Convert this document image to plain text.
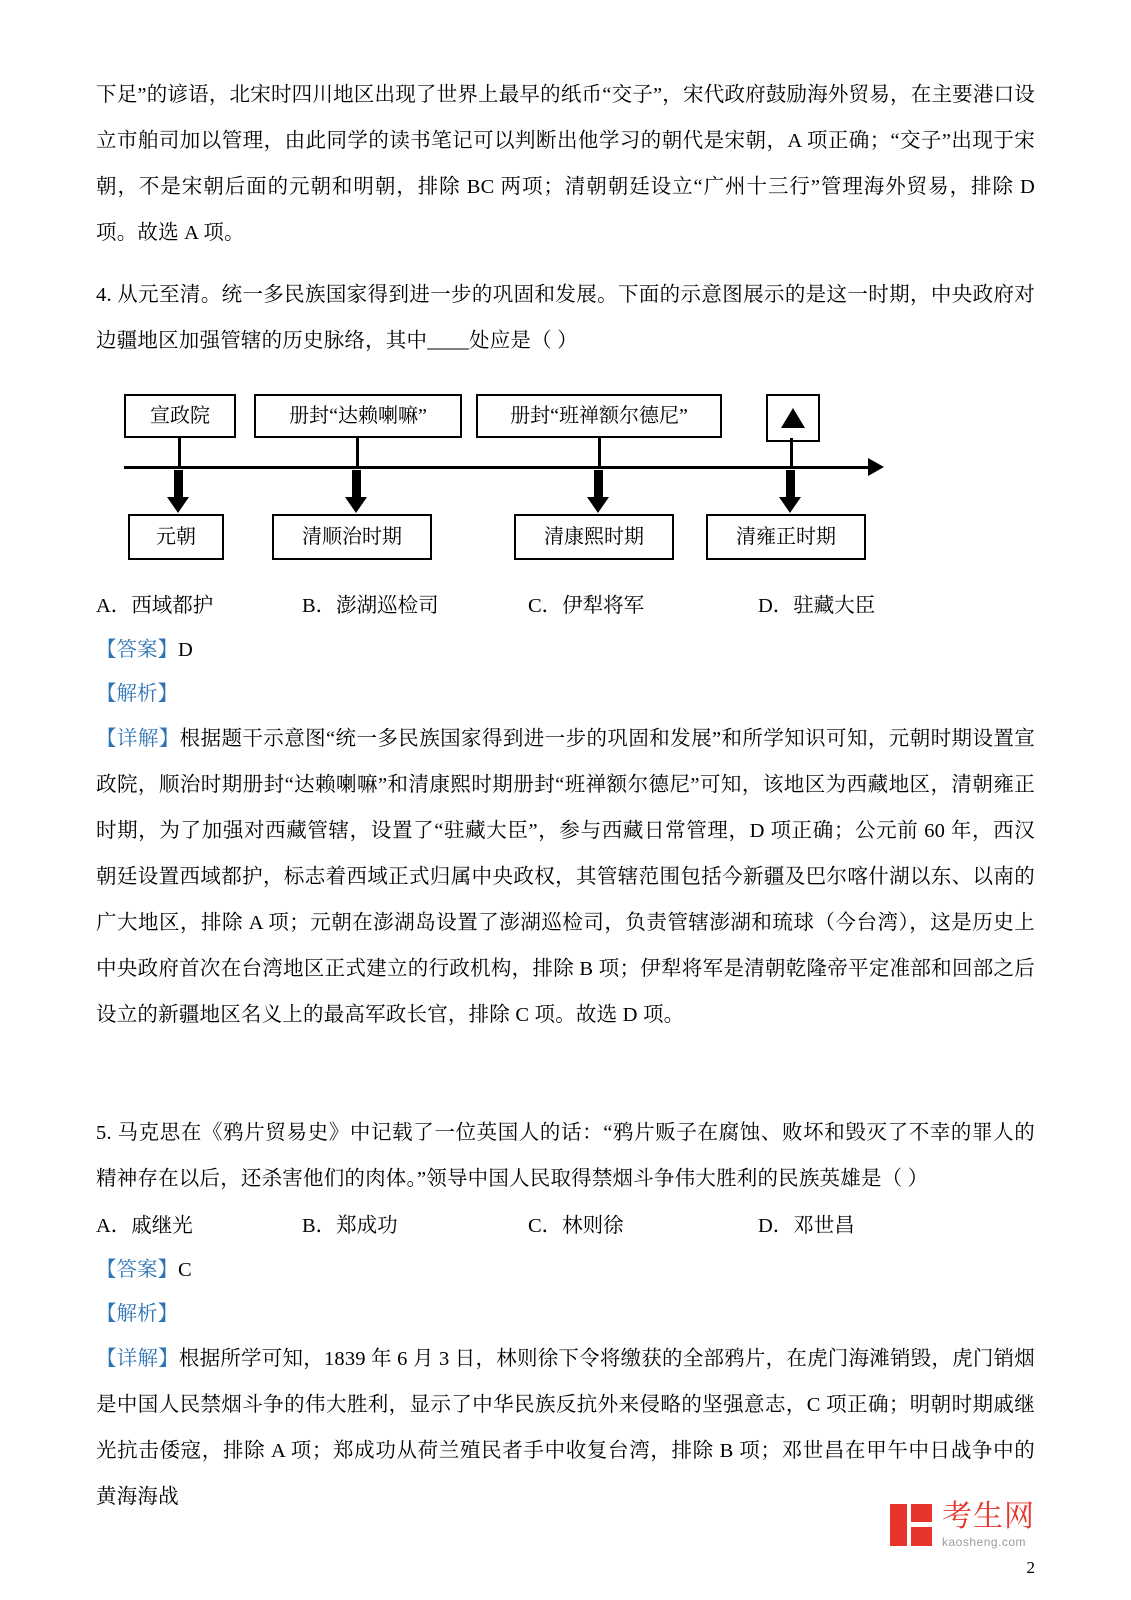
下足”的谚语，北宋时四川地区出现了世界上最早的纸币“交子”，宋代政府鼓励海外贸易，在主要港口设立市舶司加以管理，由此同学的读书笔记可以判断出他学习的朝代是宋朝，A 项正确；“交子”出现于宋朝，不是宋朝后面的元朝和明朝，排除 BC 两项；清朝朝廷设立“广州十三行”管理海外贸易，排除 D 项。故选 A 项。
4. 从元至清。统一多民族国家得到进一步的巩固和发展。下面的示意图展示的是这一时期，中央政府对边疆地区加强管辖的历史脉络，其中____处应是（ ）
宣政院	册封“达赖喇嘛”	册封“班禅额尔德尼”
元朝	清顺治时期	清康熙时期	清雍正时期
A．西域都护	B．澎湖巡检司	C．伊犁将军	D．驻藏大臣
【答案】D
【解析】
【详解】根据题干示意图“统一多民族国家得到进一步的巩固和发展”和所学知识可知，元朝时期设置宣政院，顺治时期册封“达赖喇嘛”和清康熙时期册封“班禅额尔德尼”可知，该地区为西藏地区，清朝雍正时期，为了加强对西藏管辖，设置了“驻藏大臣”，参与西藏日常管理，D 项正确；公元前 60 年，西汉朝廷设置西域都护，标志着西域正式归属中央政权，其管辖范围包括今新疆及巴尔喀什湖以东、以南的广大地区，排除 A 项；元朝在澎湖岛设置了澎湖巡检司，负责管辖澎湖和琉球（今台湾），这是历史上中央政府首次在台湾地区正式建立的行政机构，排除 B 项；伊犁将军是清朝乾隆帝平定准部和回部之后设立的新疆地区名义上的最高军政长官，排除 C 项。故选 D 项。
5. 马克思在《鸦片贸易史》中记载了一位英国人的话：“鸦片贩子在腐蚀、败坏和毁灭了不幸的罪人的精神存在以后，还杀害他们的肉体。”领导中国人民取得禁烟斗争伟大胜利的民族英雄是（ ）
A．戚继光	B．郑成功	C．林则徐	D．邓世昌
【答案】C
【解析】
【详解】根据所学可知，1839 年 6 月 3 日，林则徐下令将缴获的全部鸦片，在虎门海滩销毁，虎门销烟是中国人民禁烟斗争的伟大胜利，显示了中华民族反抗外来侵略的坚强意志，C 项正确；明朝时期戚继光抗击倭寇，排除 A 项；郑成功从荷兰殖民者手中收复台湾，排除 B 项；邓世昌在甲午中日战争中的黄海海战
考生网
kaosheng.com
2
